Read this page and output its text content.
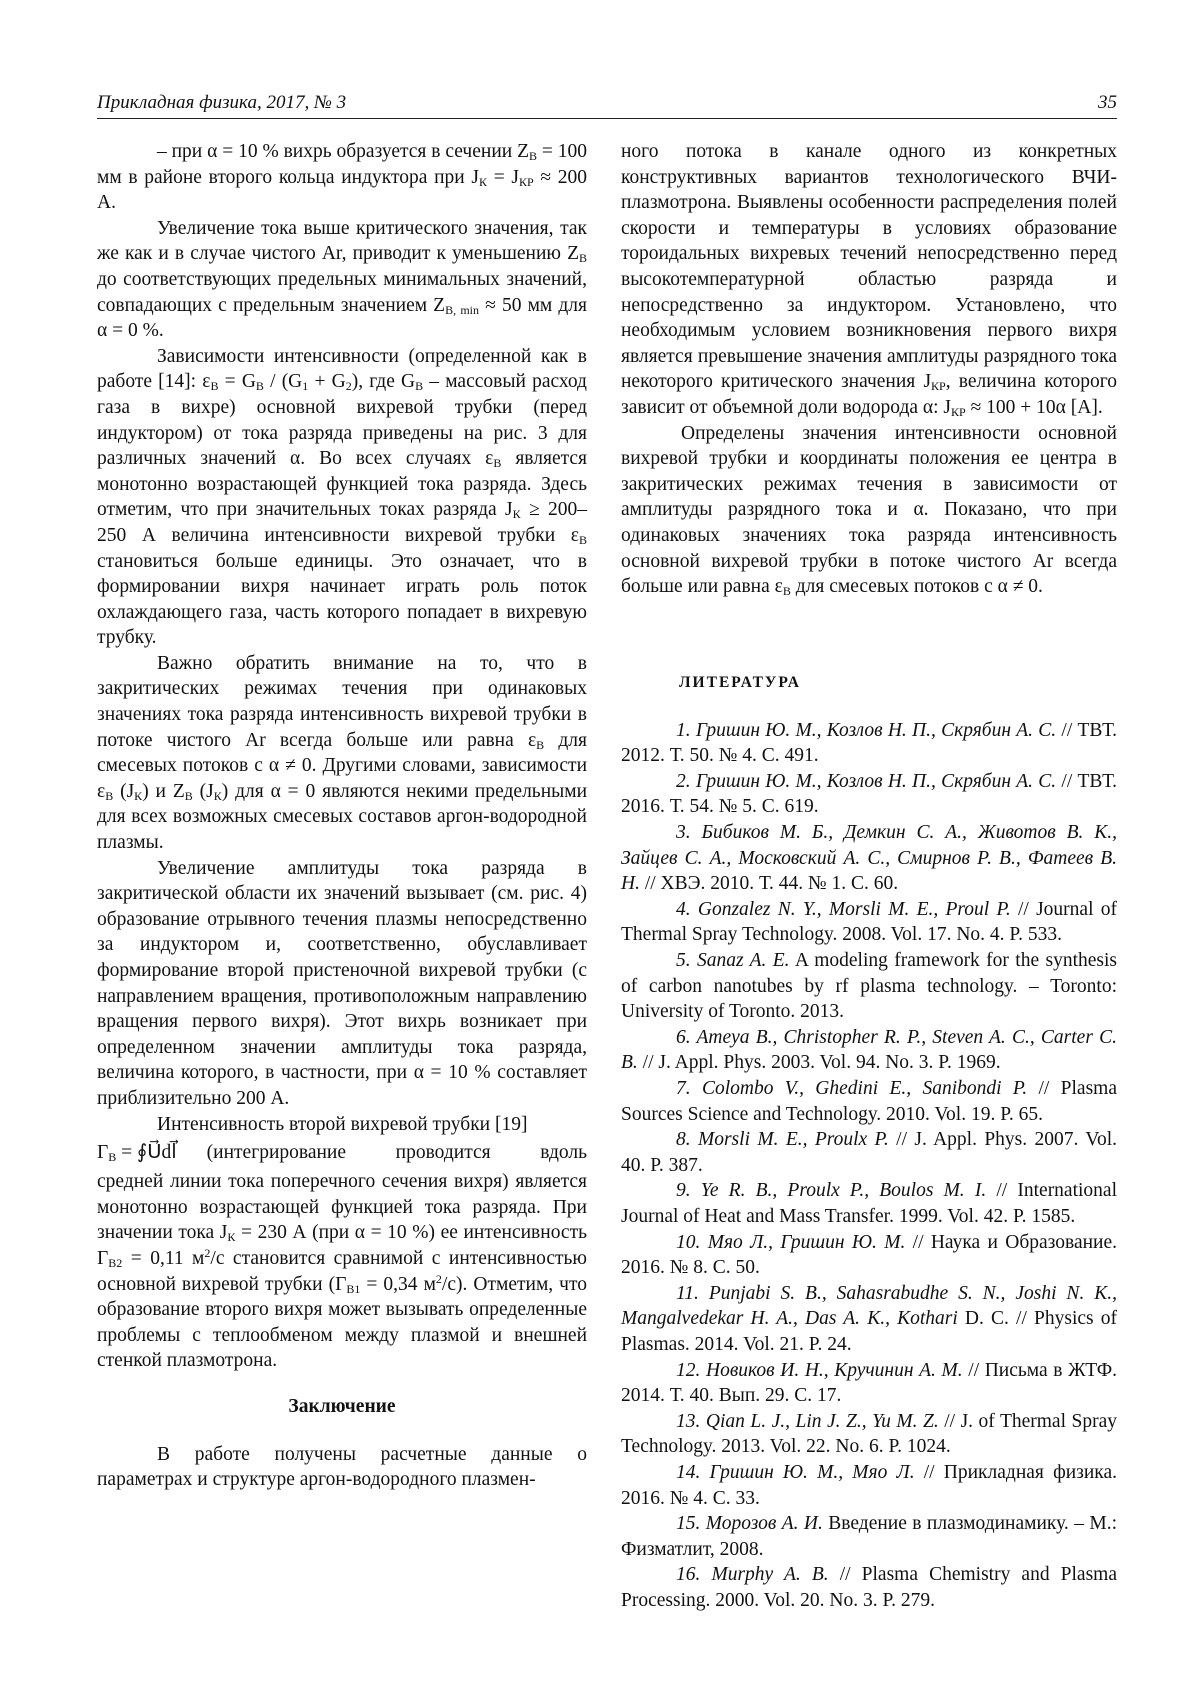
Прикладная физика, 2017, № 3	35

– при α = 10 % вихрь образуется в сечении $Z_В = 100$ мм в районе второго кольца индуктора при $J_К = J_{КР} \approx 200$ А.

Увеличение тока выше критического значения, так же как и в случае чистого Ar, приводит к уменьшению $Z_В$ до соответствующих предельных минимальных значений, совпадающих с предельным значением $Z_{В, min} \approx 50$ мм для α = 0 %.

Зависимости интенсивности (определенной как в работе [14]: $\varepsilon_В = G_В / (G_1 + G_2)$, где $G_В$ – массовый расход газа в вихре) основной вихревой трубки (перед индуктором) от тока разряда приведены на рис. 3 для различных значений α. Во всех случаях $\varepsilon_В$ является монотонно возрастающей функцией тока разряда. Здесь отметим, что при значительных токах разряда $J_К \ge 200-250$ А величина интенсивности вихревой трубки $\varepsilon_В$ становиться больше единицы. Это означает, что в формировании вихря начинает играть роль поток охлаждающего газа, часть которого попадает в вихревую трубку.

Важно обратить внимание на то, что в закритических режимах течения при одинаковых значениях тока разряда интенсивность вихревой трубки в потоке чистого Ar всегда больше или равна $\varepsilon_В$ для смесевых потоков с α ≠ 0. Другими словами, зависимости $\varepsilon_В$ $(J_К)$ и $Z_В$ $(J_К)$ для α = 0 являются некими предельными для всех возможных смесевых составов аргон-водородной плазмы.

Увеличение амплитуды тока разряда в закритической области их значений вызывает (см. рис. 4) образование отрывного течения плазмы непосредственно за индуктором и, соответственно, обуславливает формирование второй пристеночной вихревой трубки (с направлением вращения, противоположным направлению вращения первого вихря). Этот вихрь возникает при определенном значении амплитуды тока разряда, величина которого, в частности, при α = 10 % составляет приблизительно 200 А.

Интенсивность второй вихревой трубки [19]

$\Gamma_В$ = ∮U⃗dl⃗ (интегрирование проводится вдоль

средней линии тока поперечного сечения вихря) является монотонно возрастающей функцией тока разряда. При значении тока $J_К = 230$ А (при α = 10 %) ее интенсивность $\Gamma_{В2} = 0,11$ $м^2/с$ становится сравнимой с интенсивностью основной вихревой трубки ($\Gamma_{В1} = 0,34$ $м^2/с$). Отметим, что образование второго вихря может вызывать определенные проблемы с теплообменом между плазмой и внешней стенкой плазмотрона.

Заключение

В работе получены расчетные данные о параметрах и структуре аргон-водородного плазмен-

ного потока в канале одного из конкретных конструктивных вариантов технологического ВЧИ-плазмотрона. Выявлены особенности распределения полей скорости и температуры в условиях образование тороидальных вихревых течений непосредственно перед высокотемпературной областью разряда и непосредственно за индуктором. Установлено, что необходимым условием возникновения первого вихря является превышение значения амплитуды разрядного тока некоторого критического значения $J_{КР}$, величина которого зависит от объемной доли водорода α: $J_{КР} \approx 100 + 10\alpha$ [А].

Определены значения интенсивности основной вихревой трубки и координаты положения ее центра в закритических режимах течения в зависимости от амплитуды разрядного тока и α. Показано, что при одинаковых значениях тока разряда интенсивность основной вихревой трубки в потоке чистого Ar всегда больше или равна $\varepsilon_В$ для смесевых потоков с α ≠ 0.

ЛИТЕРАТУРА

1. Гришин Ю. М., Козлов Н. П., Скрябин А. С. // ТВТ. 2012. Т. 50. № 4. С. 491.

2. Гришин Ю. М., Козлов Н. П., Скрябин А. С. // ТВТ. 2016. Т. 54. № 5. С. 619.

3. Бибиков М. Б., Демкин С. А., Животов В. К., Зайцев С. А., Московский А. С., Смирнов Р. В., Фатеев В. Н. // ХВЭ. 2010. Т. 44. № 1. С. 60.

4. Gonzalez N. Y., Morsli M. E., Proul P. // Journal of Thermal Spray Technology. 2008. Vol. 17. No. 4. P. 533.

5. Sanaz A. E. A modeling framework for the synthesis of carbon nanotubes by rf plasma technology. – Toronto: University of Toronto. 2013.

6. Ameya B., Christopher R. P., Steven A. C., Carter C. B. // J. Appl. Phys. 2003. Vol. 94. No. 3. P. 1969.

7. Colombo V., Ghedini E., Sanibondi P. // Plasma Sources Science and Technology. 2010. Vol. 19. P. 65.

8. Morsli M. E., Proulx P. // J. Appl. Phys. 2007. Vol. 40. P. 387.

9. Ye R. B., Proulx P., Boulos M. I. // International Journal of Heat and Mass Transfer. 1999. Vol. 42. P. 1585.

10. Мяо Л., Гришин Ю. М. // Наука и Образование. 2016. № 8. С. 50.

11. Punjabi S. B., Sahasrabudhe S. N., Joshi N. K., Mangalvedekar H. A., Das A. K., Kothari D. C. // Physics of Plasmas. 2014. Vol. 21. P. 24.

12. Новиков И. Н., Кручинин А. М. // Письма в ЖТФ. 2014. Т. 40. Вып. 29. С. 17.

13. Qian L. J., Lin J. Z., Yu M. Z. // J. of Thermal Spray Technology. 2013. Vol. 22. No. 6. P. 1024.

14. Гришин Ю. М., Мяо Л. // Прикладная физика. 2016. № 4. С. 33.

15. Морозов А. И. Введение в плазмодинамику. – М.: Физматлит, 2008.

16. Murphy A. B. // Plasma Chemistry and Plasma Processing. 2000. Vol. 20. No. 3. P. 279.
